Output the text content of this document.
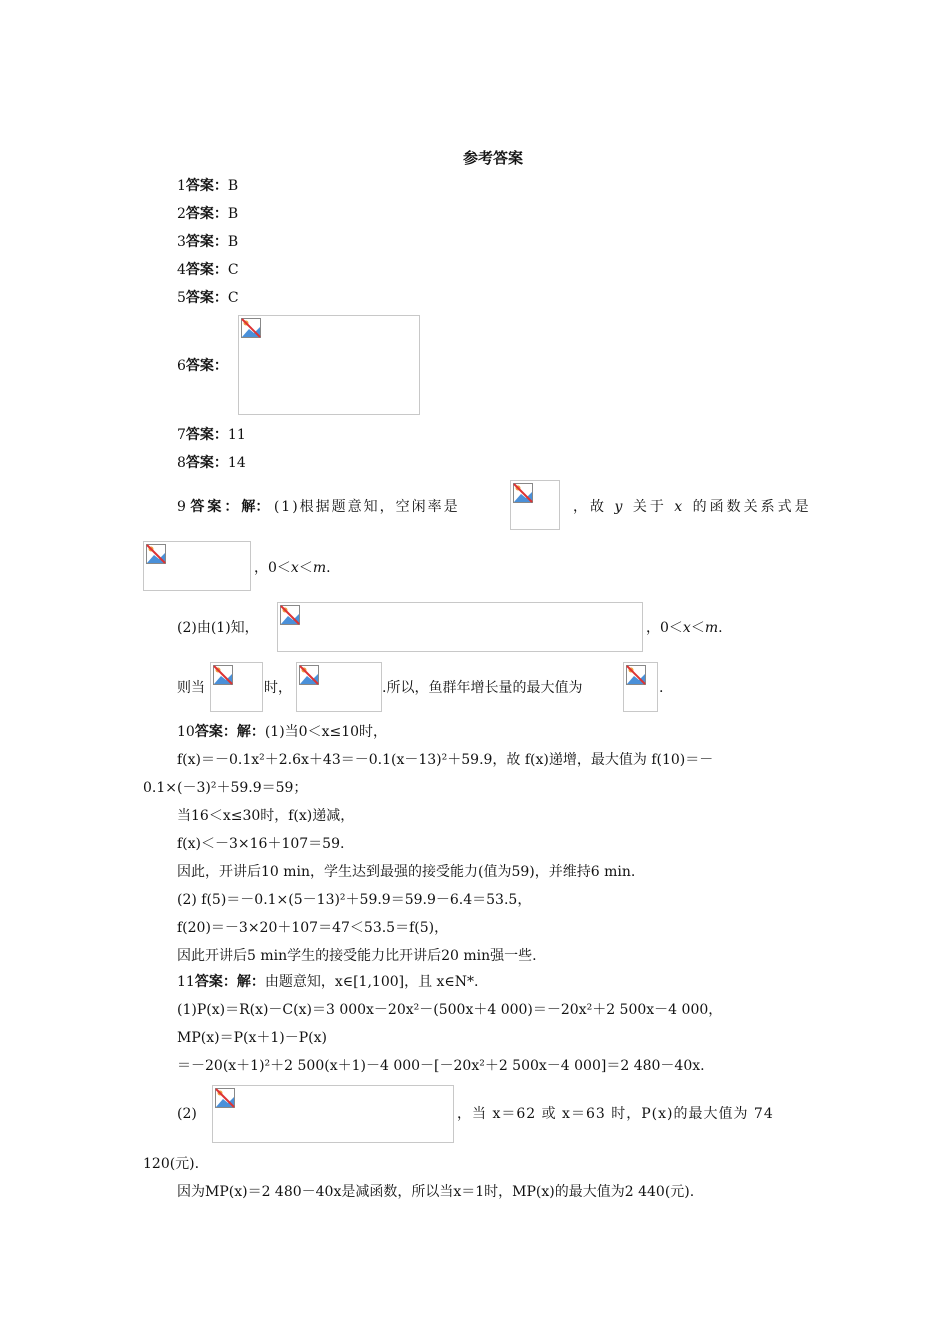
参考答案
1答案：B
2答案：B
3答案：B
4答案：C
5答案：C
6答案：
7答案：11
8答案：14
9 答案：解： (1)根据题意知，空闲率是	，故 y 关于 x 的函数关系式是
，0＜x＜m.
(2)由(1)知，	，0＜x＜m.
则当	时，	.所以，鱼群年增长量的最大值为	.
10答案：解：(1)当0＜x≤10时，
f(x)＝－0.1x²＋2.6x＋43＝－0.1(x－13)²＋59.9，故 f(x)递增，最大值为 f(10)＝－
0.1×(－3)²＋59.9＝59；
当16＜x≤30时，f(x)递减，
f(x)＜－3×16＋107＝59.
因此，开讲后10 min，学生达到最强的接受能力(值为59)，并维持6 min.
(2) f(5)＝－0.1×(5－13)²＋59.9＝59.9－6.4＝53.5，
f(20)＝－3×20＋107＝47＜53.5＝f(5)，
因此开讲后5 min学生的接受能力比开讲后20 min强一些.
11答案：解：由题意知，x∈[1,100]，且 x∈N*.
(1)P(x)＝R(x)－C(x)＝3 000x－20x²－(500x＋4 000)＝－20x²＋2 500x－4 000，
MP(x)＝P(x＋1)－P(x)
＝－20(x＋1)²＋2 500(x＋1)－4 000－[－20x²＋2 500x－4 000]＝2 480－40x.
(2)	，当 x＝62 或 x＝63 时，P(x)的最大值为 74
120(元).
因为MP(x)＝2 480－40x是减函数，所以当x＝1时，MP(x)的最大值为2 440(元).
